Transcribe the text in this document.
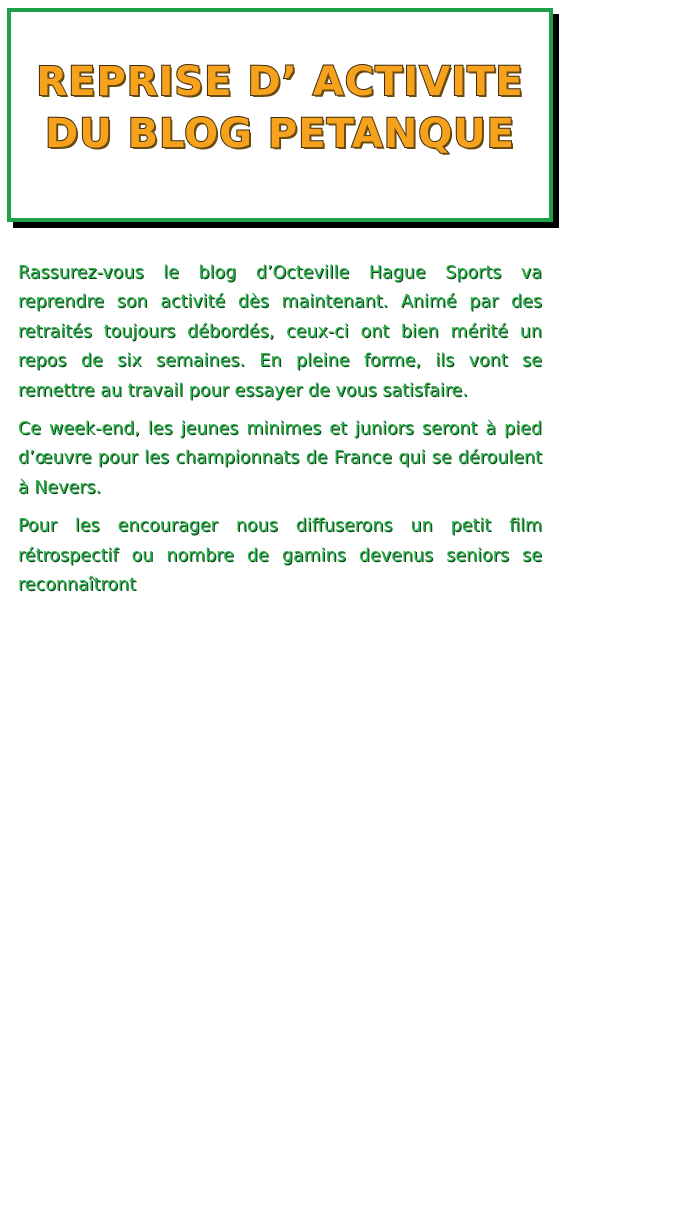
REPRISE D’ ACTIVITE
DU BLOG PETANQUE

Rassurez-vous le blog d’Octeville Hague Sports va reprendre son activité dès maintenant. Animé par des retraités toujours débordés, ceux-ci ont bien mérité un repos de six semaines. En pleine forme, ils vont se remettre au travail pour essayer de vous satisfaire.

Ce week-end, les jeunes minimes et juniors seront à pied d’œuvre pour les championnats de France qui se déroulent à Nevers.

Pour les encourager nous diffuserons un petit film rétrospectif ou nombre de gamins devenus seniors se reconnaîtront
